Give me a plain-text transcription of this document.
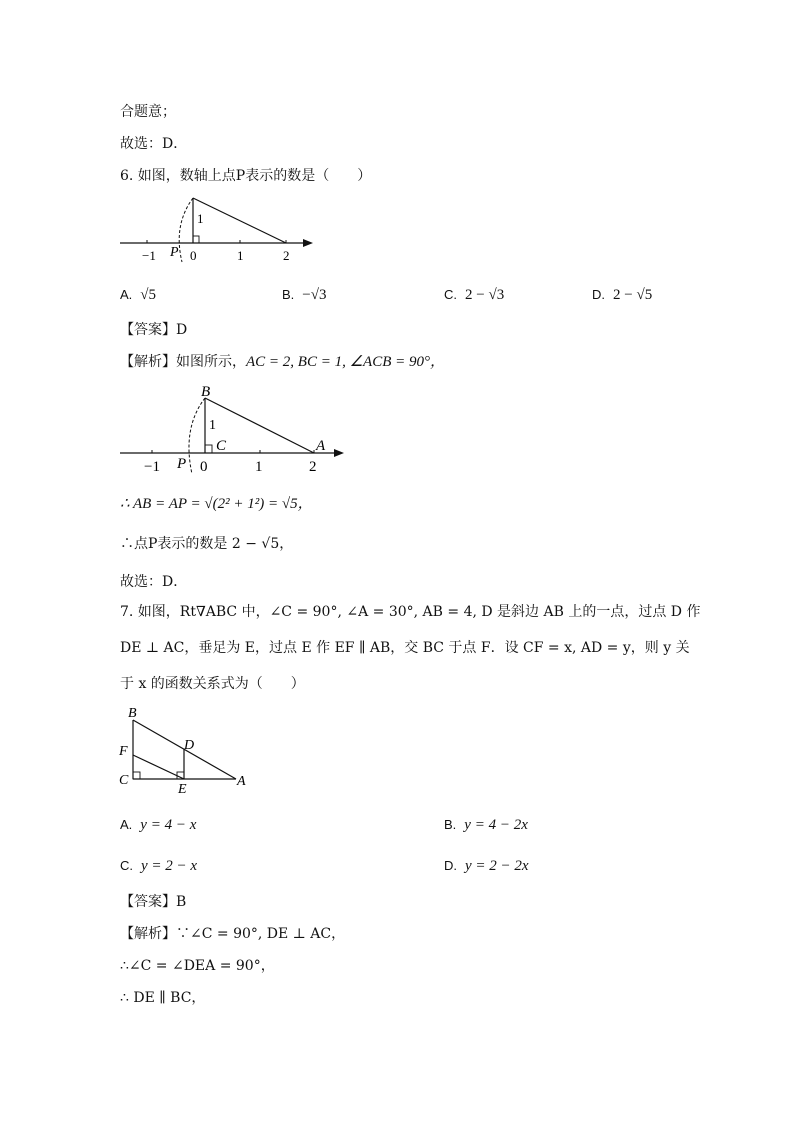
合题意；
故选：D．
6. 如图，数轴上点P表示的数是（　　）
−1	0	1	2
P
1
A. √5	B. −√3	C. 2 − √3	D. 2 − √5
【答案】D
【解析】如图所示，AC = 2, BC = 1, ∠ACB = 90°，
−1	0	1	2
P
B
C	A
1
∴ AB = AP = √(2² + 1²) = √5，
∴点P表示的数是 2 − √5，
故选：D．
7. 如图，Rt∇ABC 中，∠C = 90°, ∠A = 30°, AB = 4, D 是斜边 AB 上的一点，过点 D 作
DE ⊥ AC，垂足为 E，过点 E 作 EF ∥ AB，交 BC 于点 F．设 CF = x, AD = y，则 y 关
于 x 的函数关系式为（　　）
B
D
F
C
E
A
A. y = 4 − x	B. y = 4 − 2x
C. y = 2 − x	D. y = 2 − 2x
【答案】B
【解析】∵∠C = 90°, DE ⊥ AC，
∴∠C = ∠DEA = 90°，
∴ DE ∥ BC，
